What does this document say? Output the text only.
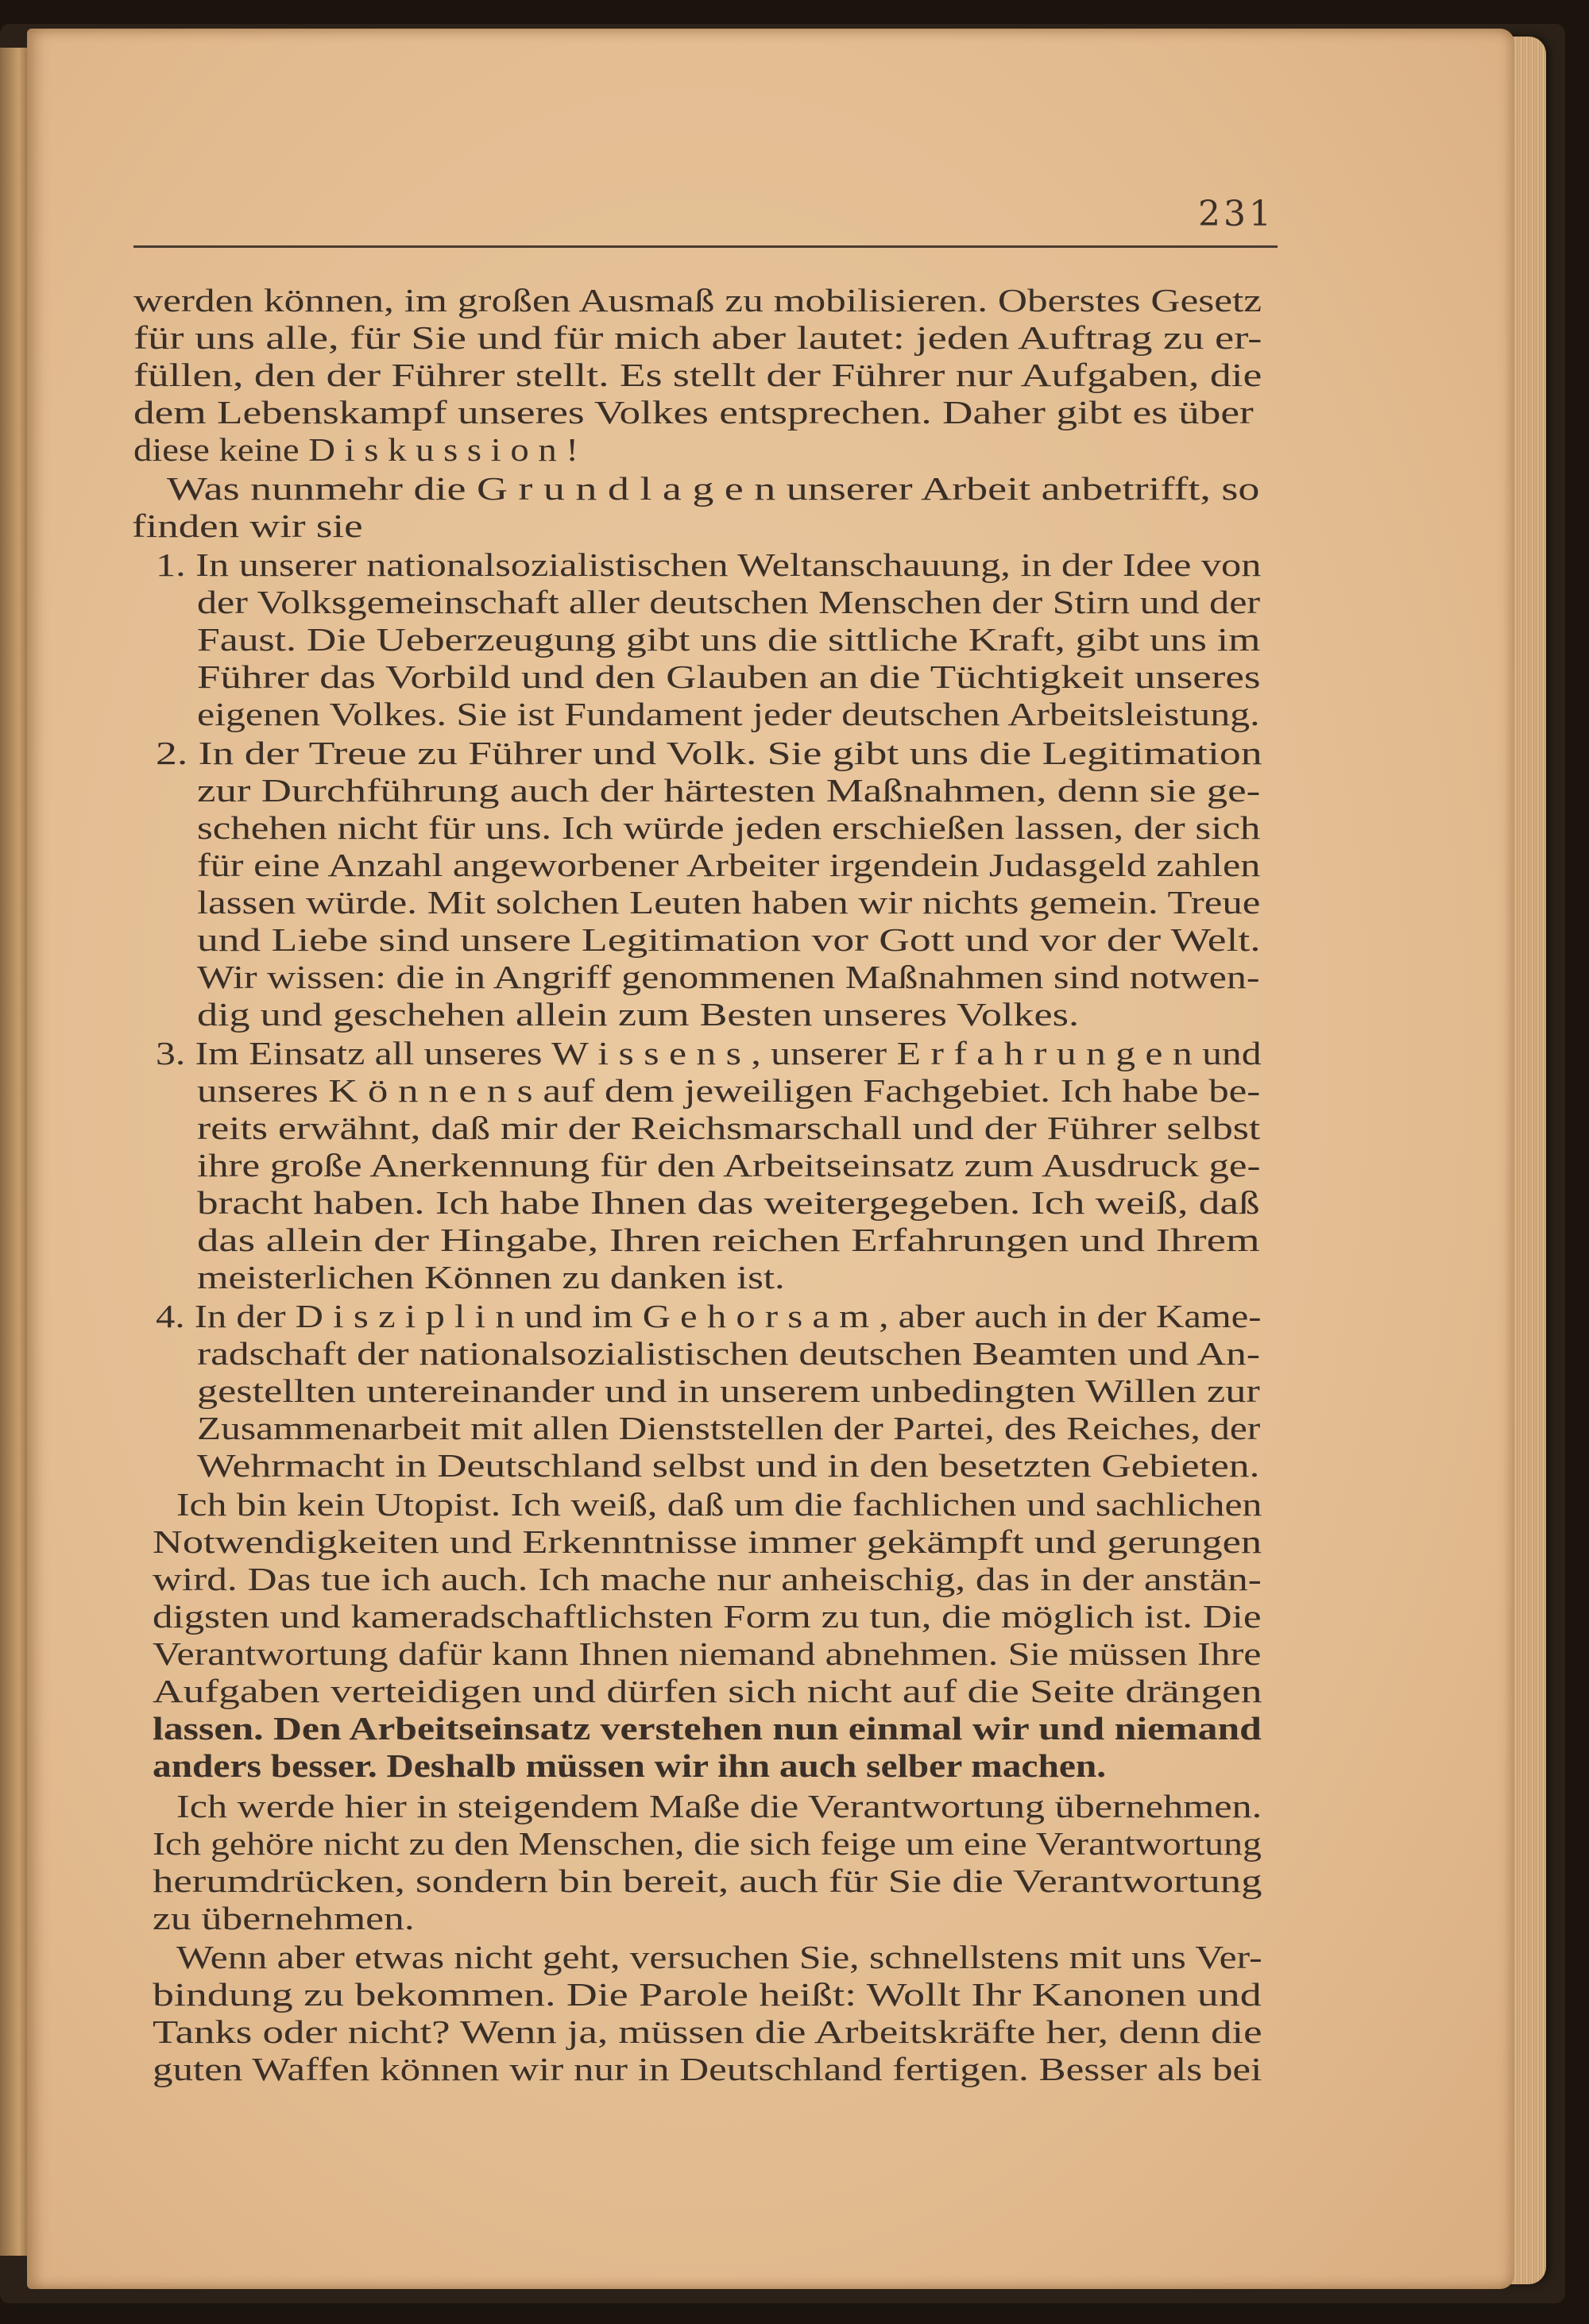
231
werden können, im großen Ausmaß zu mobilisieren. Oberstes Gesetz
für uns alle, für Sie und für mich aber lautet: jeden Auftrag zu er-
füllen, den der Führer stellt. Es stellt der Führer nur Aufgaben, die
dem Lebenskampf unseres Volkes entsprechen. Daher gibt es über
diese keine D i s k u s s i o n !
Was nunmehr die G r u n d l a g e n unserer Arbeit anbetrifft, so
finden wir sie
1. In unserer nationalsozialistischen Weltanschauung, in der Idee von
der Volksgemeinschaft aller deutschen Menschen der Stirn und der
Faust. Die Ueberzeugung gibt uns die sittliche Kraft, gibt uns im
Führer das Vorbild und den Glauben an die Tüchtigkeit unseres
eigenen Volkes. Sie ist Fundament jeder deutschen Arbeitsleistung.
2. In der Treue zu Führer und Volk. Sie gibt uns die Legitimation
zur Durchführung auch der härtesten Maßnahmen, denn sie ge-
schehen nicht für uns. Ich würde jeden erschießen lassen, der sich
für eine Anzahl angeworbener Arbeiter irgendein Judasgeld zahlen
lassen würde. Mit solchen Leuten haben wir nichts gemein. Treue
und Liebe sind unsere Legitimation vor Gott und vor der Welt.
Wir wissen: die in Angriff genommenen Maßnahmen sind notwen-
dig und geschehen allein zum Besten unseres Volkes.
3. Im Einsatz all unseres W i s s e n s , unserer E r f a h r u n g e n und
unseres K ö n n e n s auf dem jeweiligen Fachgebiet. Ich habe be-
reits erwähnt, daß mir der Reichsmarschall und der Führer selbst
ihre große Anerkennung für den Arbeitseinsatz zum Ausdruck ge-
bracht haben. Ich habe Ihnen das weitergegeben. Ich weiß, daß
das allein der Hingabe, Ihren reichen Erfahrungen und Ihrem
meisterlichen Können zu danken ist.
4. In der D i s z i p l i n und im G e h o r s a m , aber auch in der Kame-
radschaft der nationalsozialistischen deutschen Beamten und An-
gestellten untereinander und in unserem unbedingten Willen zur
Zusammenarbeit mit allen Dienststellen der Partei, des Reiches, der
Wehrmacht in Deutschland selbst und in den besetzten Gebieten.
Ich bin kein Utopist. Ich weiß, daß um die fachlichen und sachlichen
Notwendigkeiten und Erkenntnisse immer gekämpft und gerungen
wird. Das tue ich auch. Ich mache nur anheischig, das in der anstän-
digsten und kameradschaftlichsten Form zu tun, die möglich ist. Die
Verantwortung dafür kann Ihnen niemand abnehmen. Sie müssen Ihre
Aufgaben verteidigen und dürfen sich nicht auf die Seite drängen
lassen. Den Arbeitseinsatz verstehen nun einmal wir und niemand
anders besser. Deshalb müssen wir ihn auch selber machen.
Ich werde hier in steigendem Maße die Verantwortung übernehmen.
Ich gehöre nicht zu den Menschen, die sich feige um eine Verantwortung
herumdrücken, sondern bin bereit, auch für Sie die Verantwortung
zu übernehmen.
Wenn aber etwas nicht geht, versuchen Sie, schnellstens mit uns Ver-
bindung zu bekommen. Die Parole heißt: Wollt Ihr Kanonen und
Tanks oder nicht? Wenn ja, müssen die Arbeitskräfte her, denn die
guten Waffen können wir nur in Deutschland fertigen. Besser als bei
